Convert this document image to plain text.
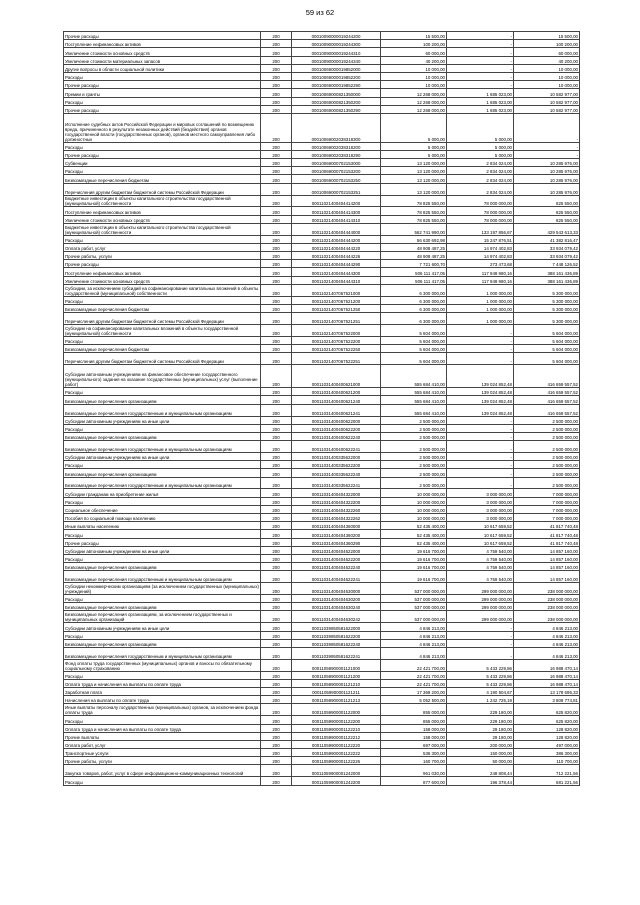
59 из 62
Прочие расходы	200	00010090000019244200	15 500,00	-	15 500,00
Поступление нефинансовых активов	200	00010090000019244300	100 200,00	-	100 200,00
Увеличение стоимости основных средств	200	00010090000019244310	60 000,00	-	60 000,00
Увеличение стоимости материальных запасов	200	00010090000019244340	40 200,00	-	40 200,00
Другие вопросы в области социальной политики	200	00010069000019852000	10 000,00	-	10 000,00
Расходы	200	00010069000019852200	10 000,00	-	10 000,00
Прочие расходы	200	00010069000019852290	10 000,00	-	10 000,00
Премии и гранты	200	00010069000821350000	12 268 000,00	1 685 023,00	10 582 977,00
Расходы	200	00010069000821350200	12 268 000,00	1 685 023,00	10 582 977,00
Прочие расходы	200	00010069000821350290	12 268 000,00	1 685 023,00	10 582 977,00
Исполнение судебных актов Российской Федерации и мировых соглашений по возмещению вреда, причиненного в результате незаконных действий (бездействия) органов государственной власти (государственных органов), органов местного самоуправления либо должностных	200	00010069002038318300	5 000,00	5 000,00	-
Расходы	200	00010069002038318200	5 000,00	5 000,00	-
Прочие расходы	200	00010069002038318290	5 000,00	5 000,00	-
Субвенции	200	00010069000702153000	13 120 000,00	2 834 024,00	10 285 976,00
Расходы	200	00010069000702153200	13 120 000,00	2 834 024,00	10 285 976,00
Безвозмездные перечисления бюджетам	200	00010069000702153250	13 120 000,00	2 834 024,00	10 285 976,00
Перечисления другим бюджетам бюджетной системы Российской Федерации	200	00010069000702153251	13 120 000,00	2 834 024,00	10 285 976,00
Бюджетные инвестиции в объекты капитального строительства государственной (муниципальной) собственности	200	00011021400404414200	78 825 550,00	78 000 000,00	825 550,00
Поступление нефинансовых активов	200	00011021400404414300	78 825 550,00	78 000 000,00	825 550,00
Увеличение стоимости основных средств	200	00011021400404414310	78 825 550,00	78 000 000,00	825 550,00
Бюджетные инвестиции в объекты капитального строительства государственной (муниципальной) собственности	200	00011021400404444000	562 741 990,00	133 197 856,67	429 543 613,33
Расходы	200	00011021400404444200	56 630 692,98	15 247 876,51	41 382 816,47
Оплата работ, услуг	200	00011021400404444220	48 908 487,25	14 974 402,83	33 934 079,42
Прочие работы, услуги	200	00011021400404444226	48 908 487,25	14 974 402,83	33 934 079,42
Прочие расходы	200	00011021400404444290	7 721 600,70	273 473,68	7 448 126,52
Поступление нефинансовых активов	200	00011021400404444300	506 111 417,05	117 949 980,16	388 161 436,89
Увеличение стоимости основных средств	200	00011021400404444310	506 111 417,05	117 949 980,16	388 161 436,89
Субсидии, за исключением субсидий на софинансирование капитальных вложений в объекты государственной (муниципальной) собственности	200	00011021407067521000	6 300 000,00	1 000 000,00	5 300 000,00
Расходы	200	00011021407067521200	6 300 000,00	1 000 000,00	5 300 000,00
Безвозмездные перечисления бюджетам	200	00011021407067521250	6 300 000,00	1 000 000,00	5 300 000,00
Перечисления другим бюджетам бюджетной системы Российской Федерации	200	00011021407067521251	6 300 000,00	1 000 000,00	5 300 000,00
Субсидии на софинансирование капитальных вложений в объекты государственной (муниципальной) собственности	200	00011021407067522000	5 604 000,00	-	5 604 000,00
Расходы	200	00011021407067522200	5 604 000,00	-	5 604 000,00
Безвозмездные перечисления бюджетам	200	00011021407067522250	5 604 000,00	-	5 604 000,00
Перечисления другим бюджетам бюджетной системы Российской Федерации	200	00011021407067522251	5 604 000,00	-	5 604 000,00
Субсидии автономным учреждениям на финансовое обеспечение государственного (муниципального) задания на оказание государственных (муниципальных) услуг (выполнение работ)	200	00011031400400621000	555 684 410,00	139 024 852,48	416 659 557,52
Расходы	200	00011031400400621200	555 684 410,00	139 024 852,48	416 659 557,52
Безвозмездные перечисления организациям	200	00011031400400621240	555 684 410,00	139 024 852,48	416 659 557,52
Безвозмездные перечисления государственным и муниципальным организациям	200	00011031400400621241	555 684 410,00	139 024 852,48	416 659 557,52
Субсидии автономным учреждениям на иные цели	200	00011031400400622000	2 500 000,00	-	2 500 000,00
Расходы	200	00011031400400622200	2 500 000,00	-	2 500 000,00
Безвозмездные перечисления организациям	200	00011031400400622240	2 500 000,00	-	2 500 000,00
Безвозмездные перечисления государственным и муниципальным организациям	200	00011031400400622241	2 500 000,00	-	2 500 000,00
Субсидии автономным учреждениям на иные цели	200	00011031400335622000	2 500 000,00	-	2 500 000,00
Расходы	200	00011031400335622200	2 500 000,00	-	2 500 000,00
Безвозмездные перечисления организациям	200	00011031400335622240	2 500 000,00	-	2 500 000,00
Безвозмездные перечисления государственным и муниципальным организациям	200	00011031400335622241	2 500 000,00	-	2 500 000,00
Субсидии гражданам на приобретение жилья	200	00011031400404322000	10 000 000,00	3 000 000,00	7 000 000,00
Расходы	200	00011031400404322200	10 000 000,00	3 000 000,00	7 000 000,00
Социальное обеспечение	200	00011031400404322260	10 000 000,00	3 000 000,00	7 000 000,00
Пособия по социальной помощи населению	200	00011031400404322262	10 000 000,00	3 000 000,00	7 000 000,00
Иные выплаты населению	200	00011031400404360000	52 435 400,00	10 617 659,52	41 817 740,48
Расходы	200	00011031400404360200	52 435 400,00	10 617 659,52	41 817 740,48
Прочие расходы	200	00011031400404360290	52 435 400,00	10 617 659,52	41 817 740,48
Субсидии автономным учреждениям на иные цели	200	00011031400404622000	19 616 700,00	4 759 540,00	14 857 160,00
Расходы	200	00011031400404622200	19 616 700,00	4 759 540,00	14 857 160,00
Безвозмездные перечисления организациям	200	00011031400404622240	19 616 700,00	4 759 540,00	14 857 160,00
Безвозмездные перечисления государственным и муниципальным организациям	200	00011031400404622241	19 616 700,00	4 759 540,00	14 857 160,00
Субсидии некоммерческим организациям (за исключением государственных (муниципальных) учреждений)	200	00011031400404630000	537 000 000,00	299 000 000,00	238 000 000,00
Расходы	200	00011031400404630200	537 000 000,00	299 000 000,00	238 000 000,00
Безвозмездные перечисления организациям	200	00011031400404630240	537 000 000,00	299 000 000,00	238 000 000,00
Безвозмездные перечисления организациям, за исключением государственных и муниципальных организаций	200	00011031400404630242	537 000 000,00	299 000 000,00	238 000 000,00
Субсидии автономным учреждениям на иные цели	200	00011039950581622000	4 846 213,00	-	4 846 213,00
Расходы	200	00011039950581622200	4 846 213,00	-	4 846 213,00
Безвозмездные перечисления организациям	200	00011039950581622240	4 846 213,00	-	4 846 213,00
Безвозмездные перечисления государственным и муниципальным организациям	200	00011039950581622241	4 846 213,00	-	4 846 213,00
Фонд оплаты труда государственных (муниципальных) органов и взносы по обязательному социальному страхованию	200	00011059900001121000	22 421 700,00	5 433 229,86	16 988 470,14
Расходы	200	00011059900001121200	22 421 700,00	5 433 229,86	16 988 470,14
Оплата труда и начисления на выплаты по оплате труда	200	00011059900001121210	22 421 700,00	5 433 229,86	16 988 470,14
Заработная плата	200	00011059900001121211	17 369 200,00	4 190 504,67	13 178 695,33
Начисления на выплаты по оплате труда	200	00011059900001121213	5 052 500,00	1 242 725,19	3 809 774,81
Иные выплаты персоналу государственных (муниципальных) органов, за исключением фонда оплаты труда	200	00011059900001122000	855 000,00	229 180,00	625 820,00
Расходы	200	00011059900001122200	855 000,00	229 180,00	625 820,00
Оплата труда и начисления на выплаты по оплате труда	200	00011059900001122210	158 000,00	29 180,00	128 820,00
Прочие выплаты	200	00011059900001122212	158 000,00	29 180,00	128 820,00
Оплата работ, услуг	200	00011059900001122220	697 000,00	200 000,00	497 000,00
Транспортные услуги	200	00011059900001122222	536 300,00	150 000,00	386 300,00
Прочие работы, услуги	200	00011059900001122226	160 700,00	50 000,00	110 700,00
Закупка товаров, работ, услуг в сфере информационно-коммуникационных технологий	200	00011059900001242000	961 030,00	248 808,44	712 221,56
Расходы	200	00011059900001242200	877 600,00	196 378,44	681 221,56
